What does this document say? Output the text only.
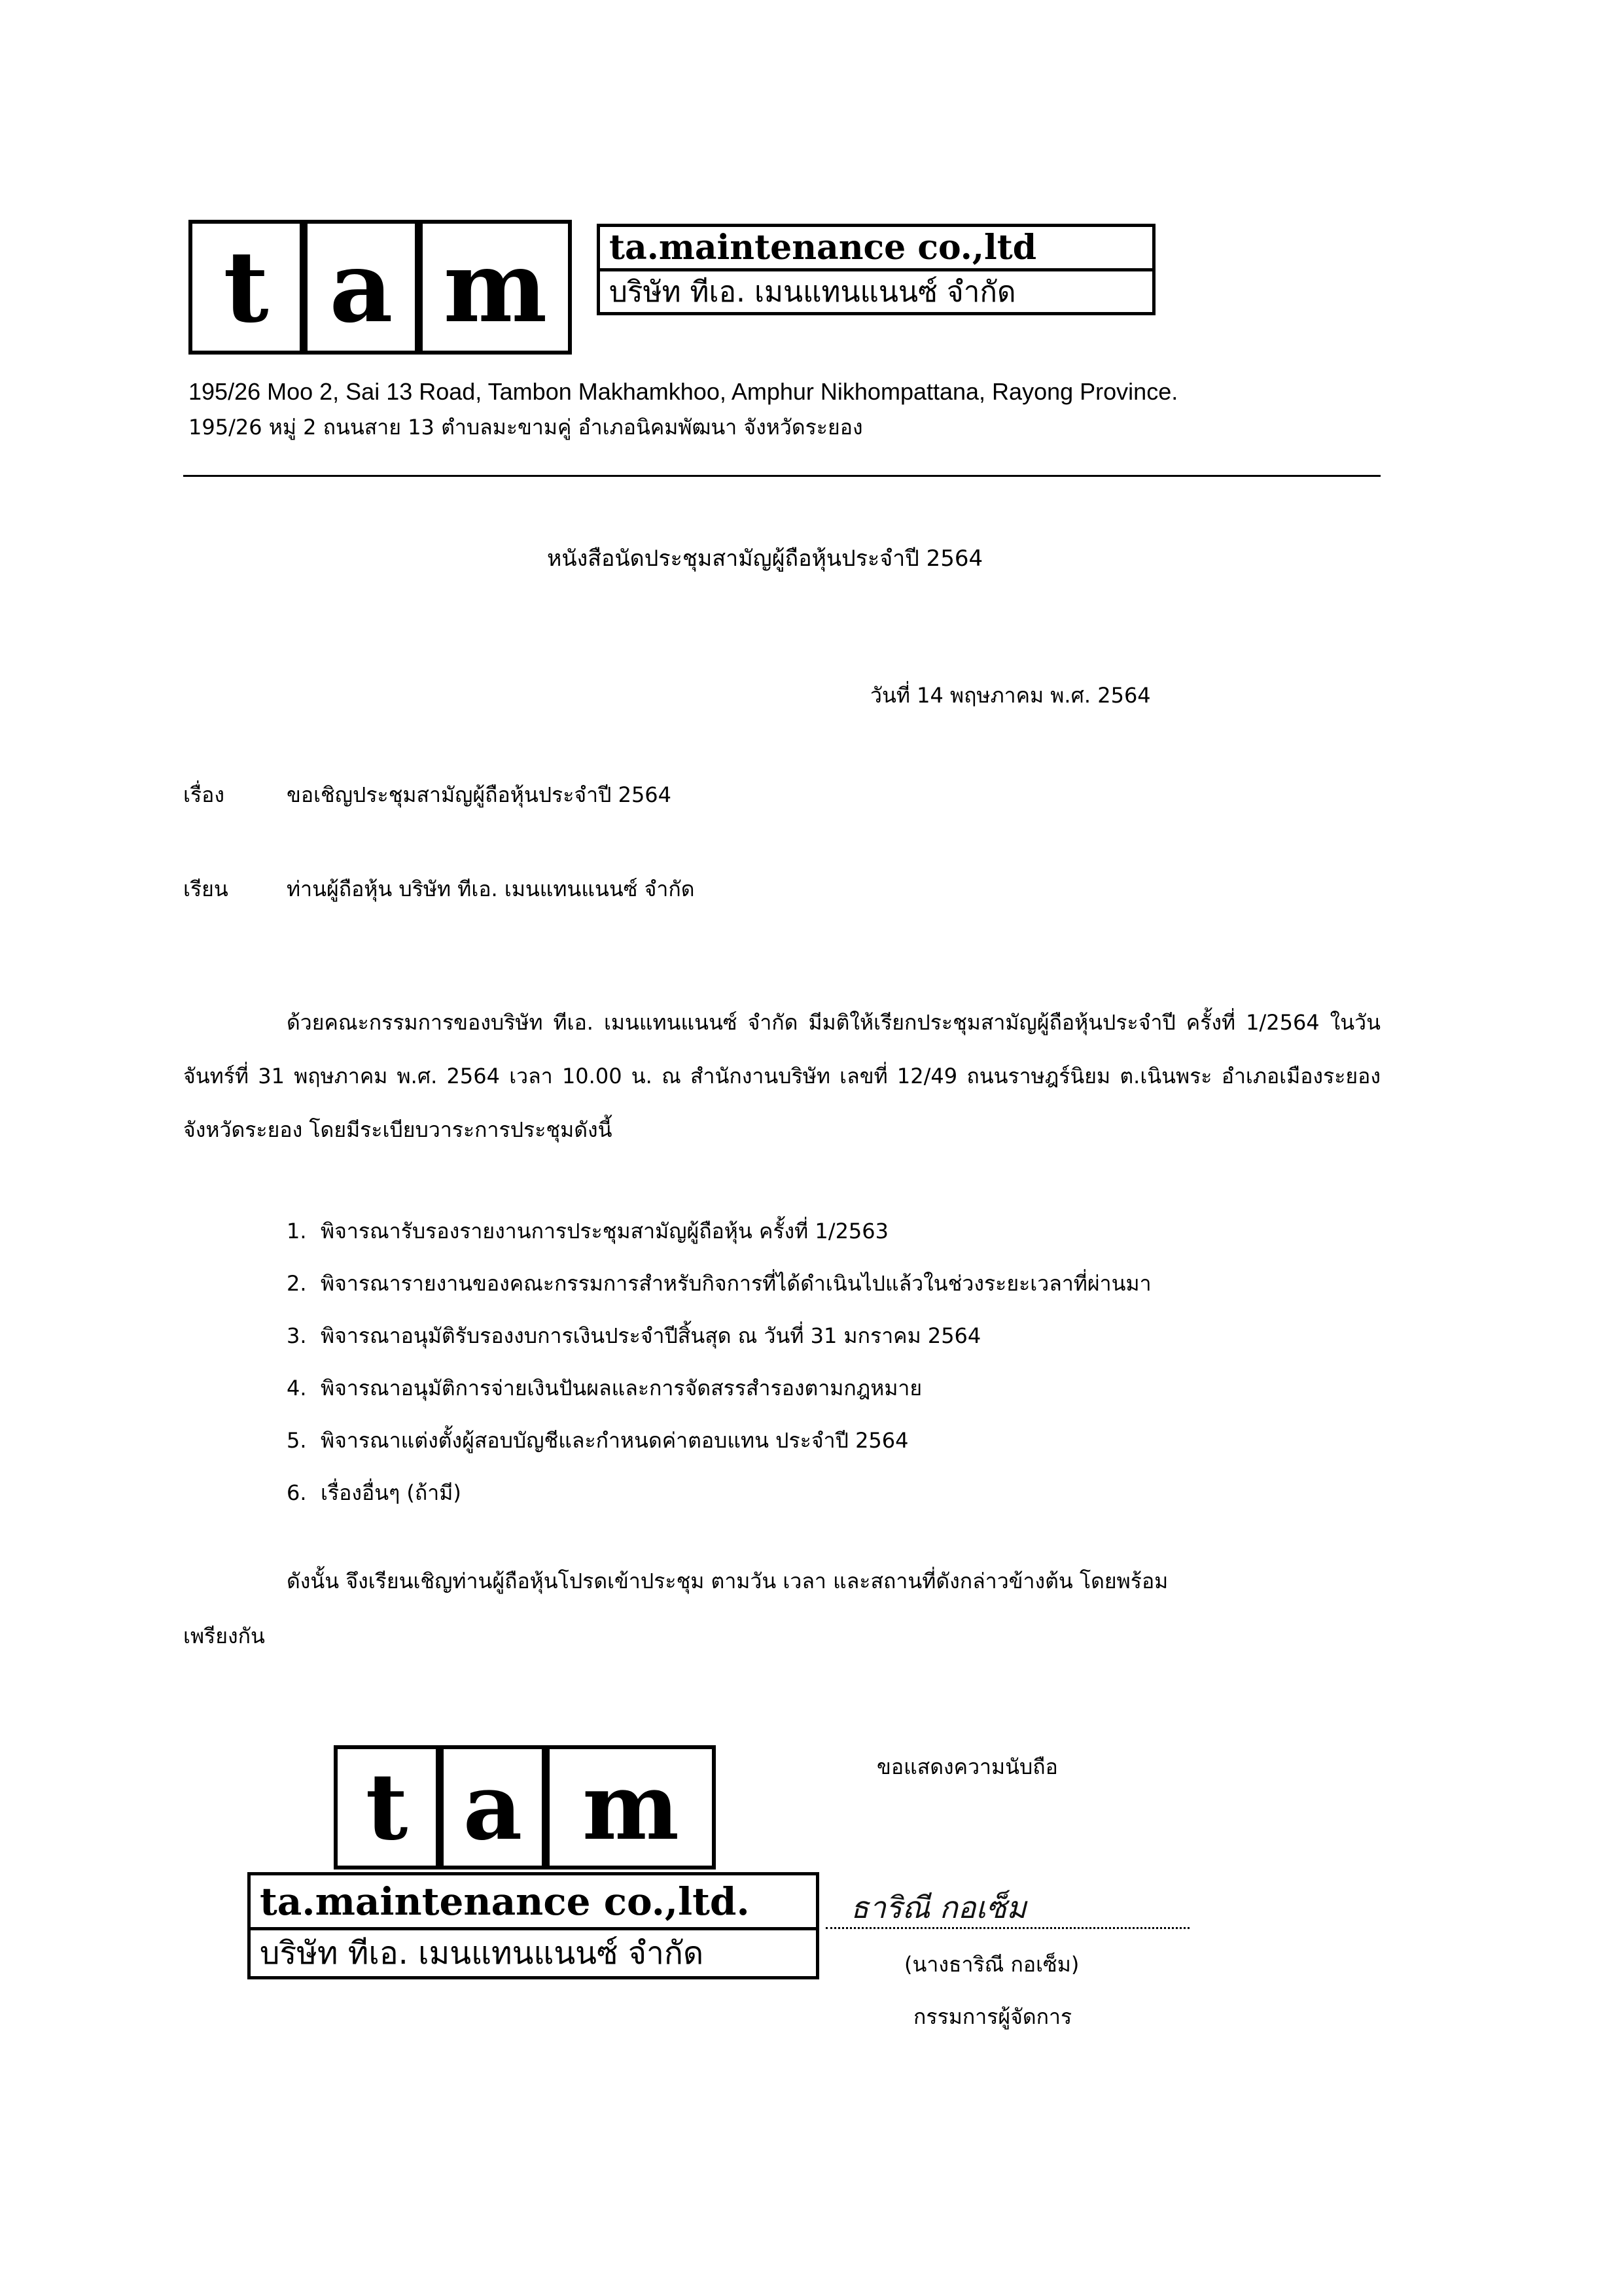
t a m	ta.maintenance co.,ltd
บริษัท ทีเอ. เมนแทนแนนซ์ จำกัด
195/26 Moo 2, Sai 13 Road, Tambon Makhamkhoo, Amphur Nikhompattana, Rayong Province.
195/26 หมู่ 2 ถนนสาย 13 ตำบลมะขามคู่ อำเภอนิคมพัฒนา จังหวัดระยอง
หนังสือนัดประชุมสามัญผู้ถือหุ้นประจำปี 2564
วันที่ 14 พฤษภาคม พ.ศ. 2564
เรื่อง	ขอเชิญประชุมสามัญผู้ถือหุ้นประจำปี 2564
เรียน	ท่านผู้ถือหุ้น บริษัท ทีเอ. เมนแทนแนนซ์ จำกัด
ด้วยคณะกรรมการของบริษัท ทีเอ. เมนแทนแนนซ์ จำกัด มีมติให้เรียกประชุมสามัญผู้ถือหุ้นประจำปี ครั้งที่ 1/2564 ในวันจันทร์ที่ 31 พฤษภาคม พ.ศ. 2564 เวลา 10.00 น. ณ สำนักงานบริษัท เลขที่ 12/49 ถนนราษฎร์นิยม ต.เนินพระ อำเภอเมืองระยอง จังหวัดระยอง โดยมีระเบียบวาระการประชุมดังนี้
1. พิจารณารับรองรายงานการประชุมสามัญผู้ถือหุ้น ครั้งที่ 1/2563
2. พิจารณารายงานของคณะกรรมการสำหรับกิจการที่ได้ดำเนินไปแล้วในช่วงระยะเวลาที่ผ่านมา
3. พิจารณาอนุมัติรับรองงบการเงินประจำปีสิ้นสุด ณ วันที่ 31 มกราคม 2564
4. พิจารณาอนุมัติการจ่ายเงินปันผลและการจัดสรรสำรองตามกฎหมาย
5. พิจารณาแต่งตั้งผู้สอบบัญชีและกำหนดค่าตอบแทน ประจำปี 2564
6. เรื่องอื่นๆ (ถ้ามี)
ดังนั้น จึงเรียนเชิญท่านผู้ถือหุ้นโปรดเข้าประชุม ตามวัน เวลา และสถานที่ดังกล่าวข้างต้น โดยพร้อม
เพรียงกัน
t a m
ta.maintenance co.,ltd.
บริษัท ทีเอ. เมนแทนแนนซ์ จำกัด
ขอแสดงความนับถือ
ธาริณี กอเซ็ม
(นางธาริณี กอเซ็ม)
กรรมการผู้จัดการ
